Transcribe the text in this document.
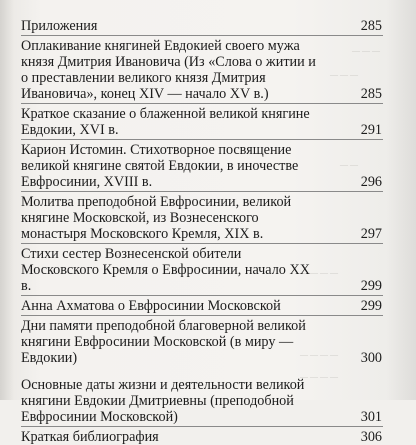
— — —
— — —
— —
— — — —
— — — —
— — — —

Приложения	285

Оплакивание княгиней Евдокией своего мужа князя Дмитрия Ивановича (Из «Слова о житии и о преставлении великого князя Дмитрия Ивановича», конец XIV — начало XV в.)	285

Краткое сказание о блаженной великой княгине Евдокии, XVI в.	291

Карион Истомин. Стихотворное посвящение великой княгине святой Евдокии, в иночестве Евфросинии, XVIII в.	296

Молитва преподобной Евфросинии, великой княгине Московской, из Вознесенского монастыря Московского Кремля, XIX в.	297

Стихи сестер Вознесенской обители Московского Кремля о Евфросинии, начало XX в.	299

Анна Ахматова о Евфросинии Московской	299

Дни памяти преподобной благоверной великой княгини Евфросинии Московской (в миру — Евдокии)	300

Основные даты жизни и деятельности великой княгини Евдокии Дмитриевны (преподобной Евфросинии Московской)	301

Краткая библиография	306
